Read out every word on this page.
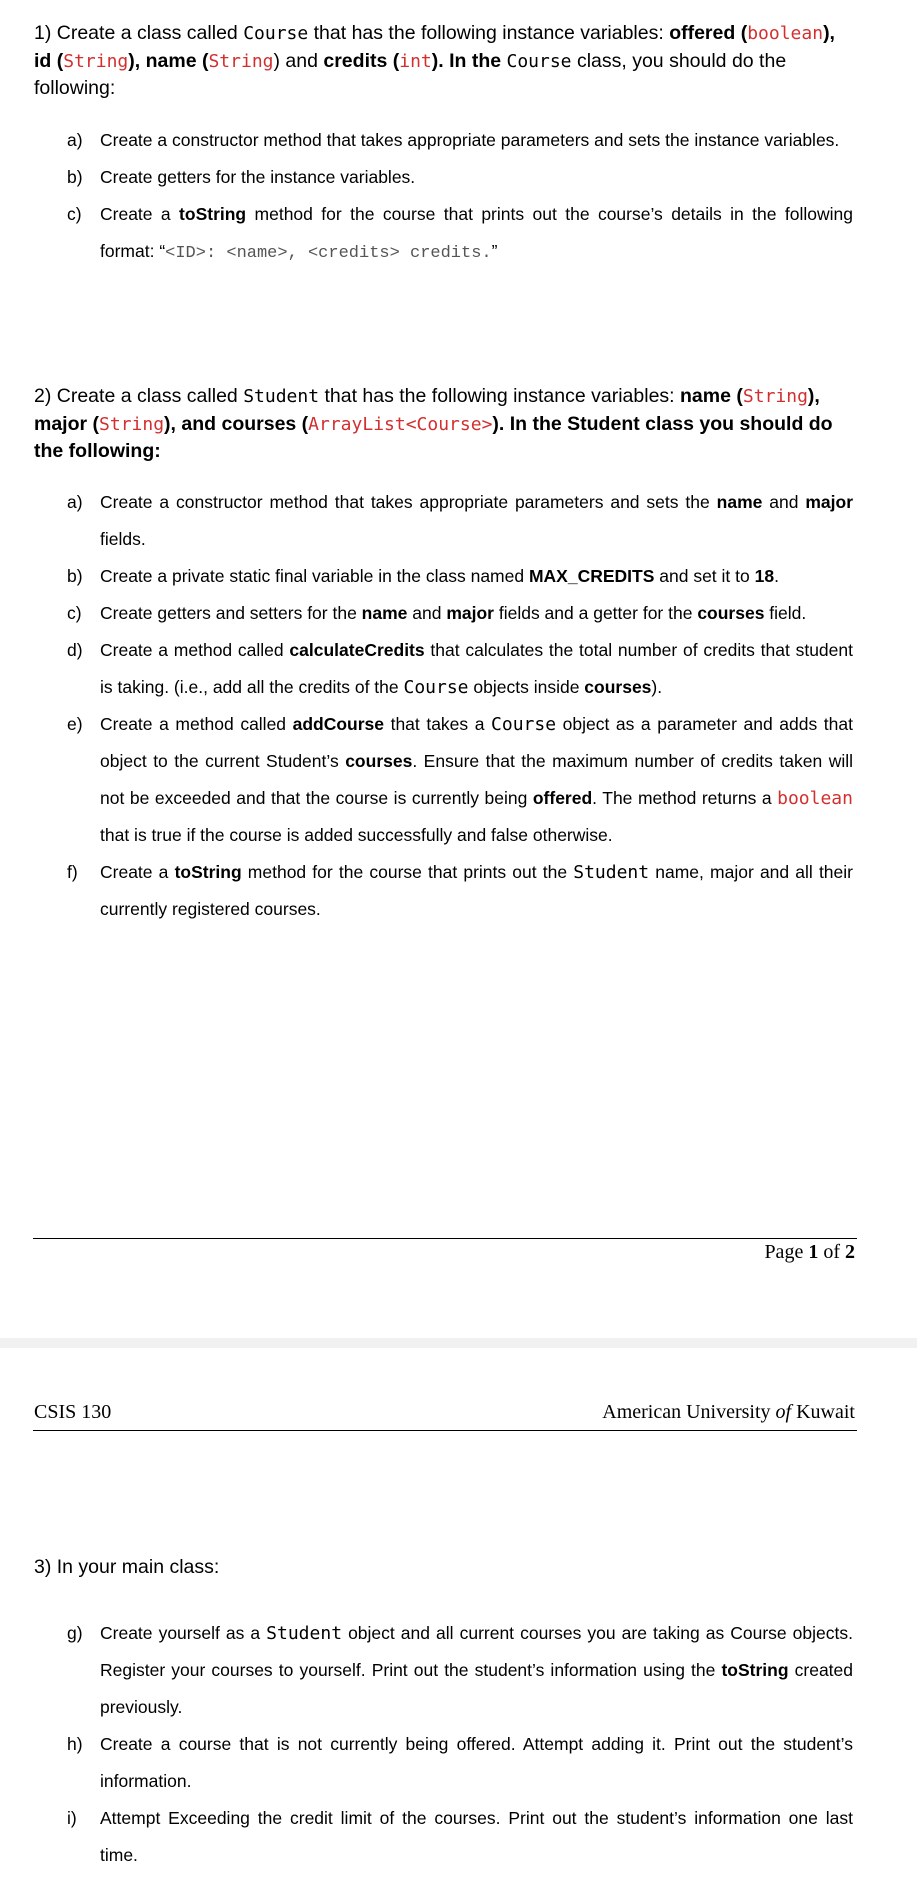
1) Create a class called Course that has the following instance variables: offered (boolean), id (String), name (String) and credits (int). In the Course class, you should do the following:
a) Create a constructor method that takes appropriate parameters and sets the instance variables.
b) Create getters for the instance variables.
c) Create a toString method for the course that prints out the course’s details in the following format: “<ID>: <name>, <credits> credits.”
2) Create a class called Student that has the following instance variables: name (String), major (String), and courses (ArrayList<Course>). In the Student class you should do the following:
a) Create a constructor method that takes appropriate parameters and sets the name and major fields.
b) Create a private static final variable in the class named MAX_CREDITS and set it to 18.
c) Create getters and setters for the name and major fields and a getter for the courses field.
d) Create a method called calculateCredits that calculates the total number of credits that student is taking. (i.e., add all the credits of the Course objects inside courses).
e) Create a method called addCourse that takes a Course object as a parameter and adds that object to the current Student’s courses. Ensure that the maximum number of credits taken will not be exceeded and that the course is currently being offered. The method returns a boolean that is true if the course is added successfully and false otherwise.
f) Create a toString method for the course that prints out the Student name, major and all their currently registered courses.
Page 1 of 2
CSIS 130	American University of Kuwait
3) In your main class:
g) Create yourself as a Student object and all current courses you are taking as Course objects. Register your courses to yourself. Print out the student’s information using the toString created previously.
h) Create a course that is not currently being offered. Attempt adding it. Print out the student’s information.
i) Attempt Exceeding the credit limit of the courses. Print out the student’s information one last time.
